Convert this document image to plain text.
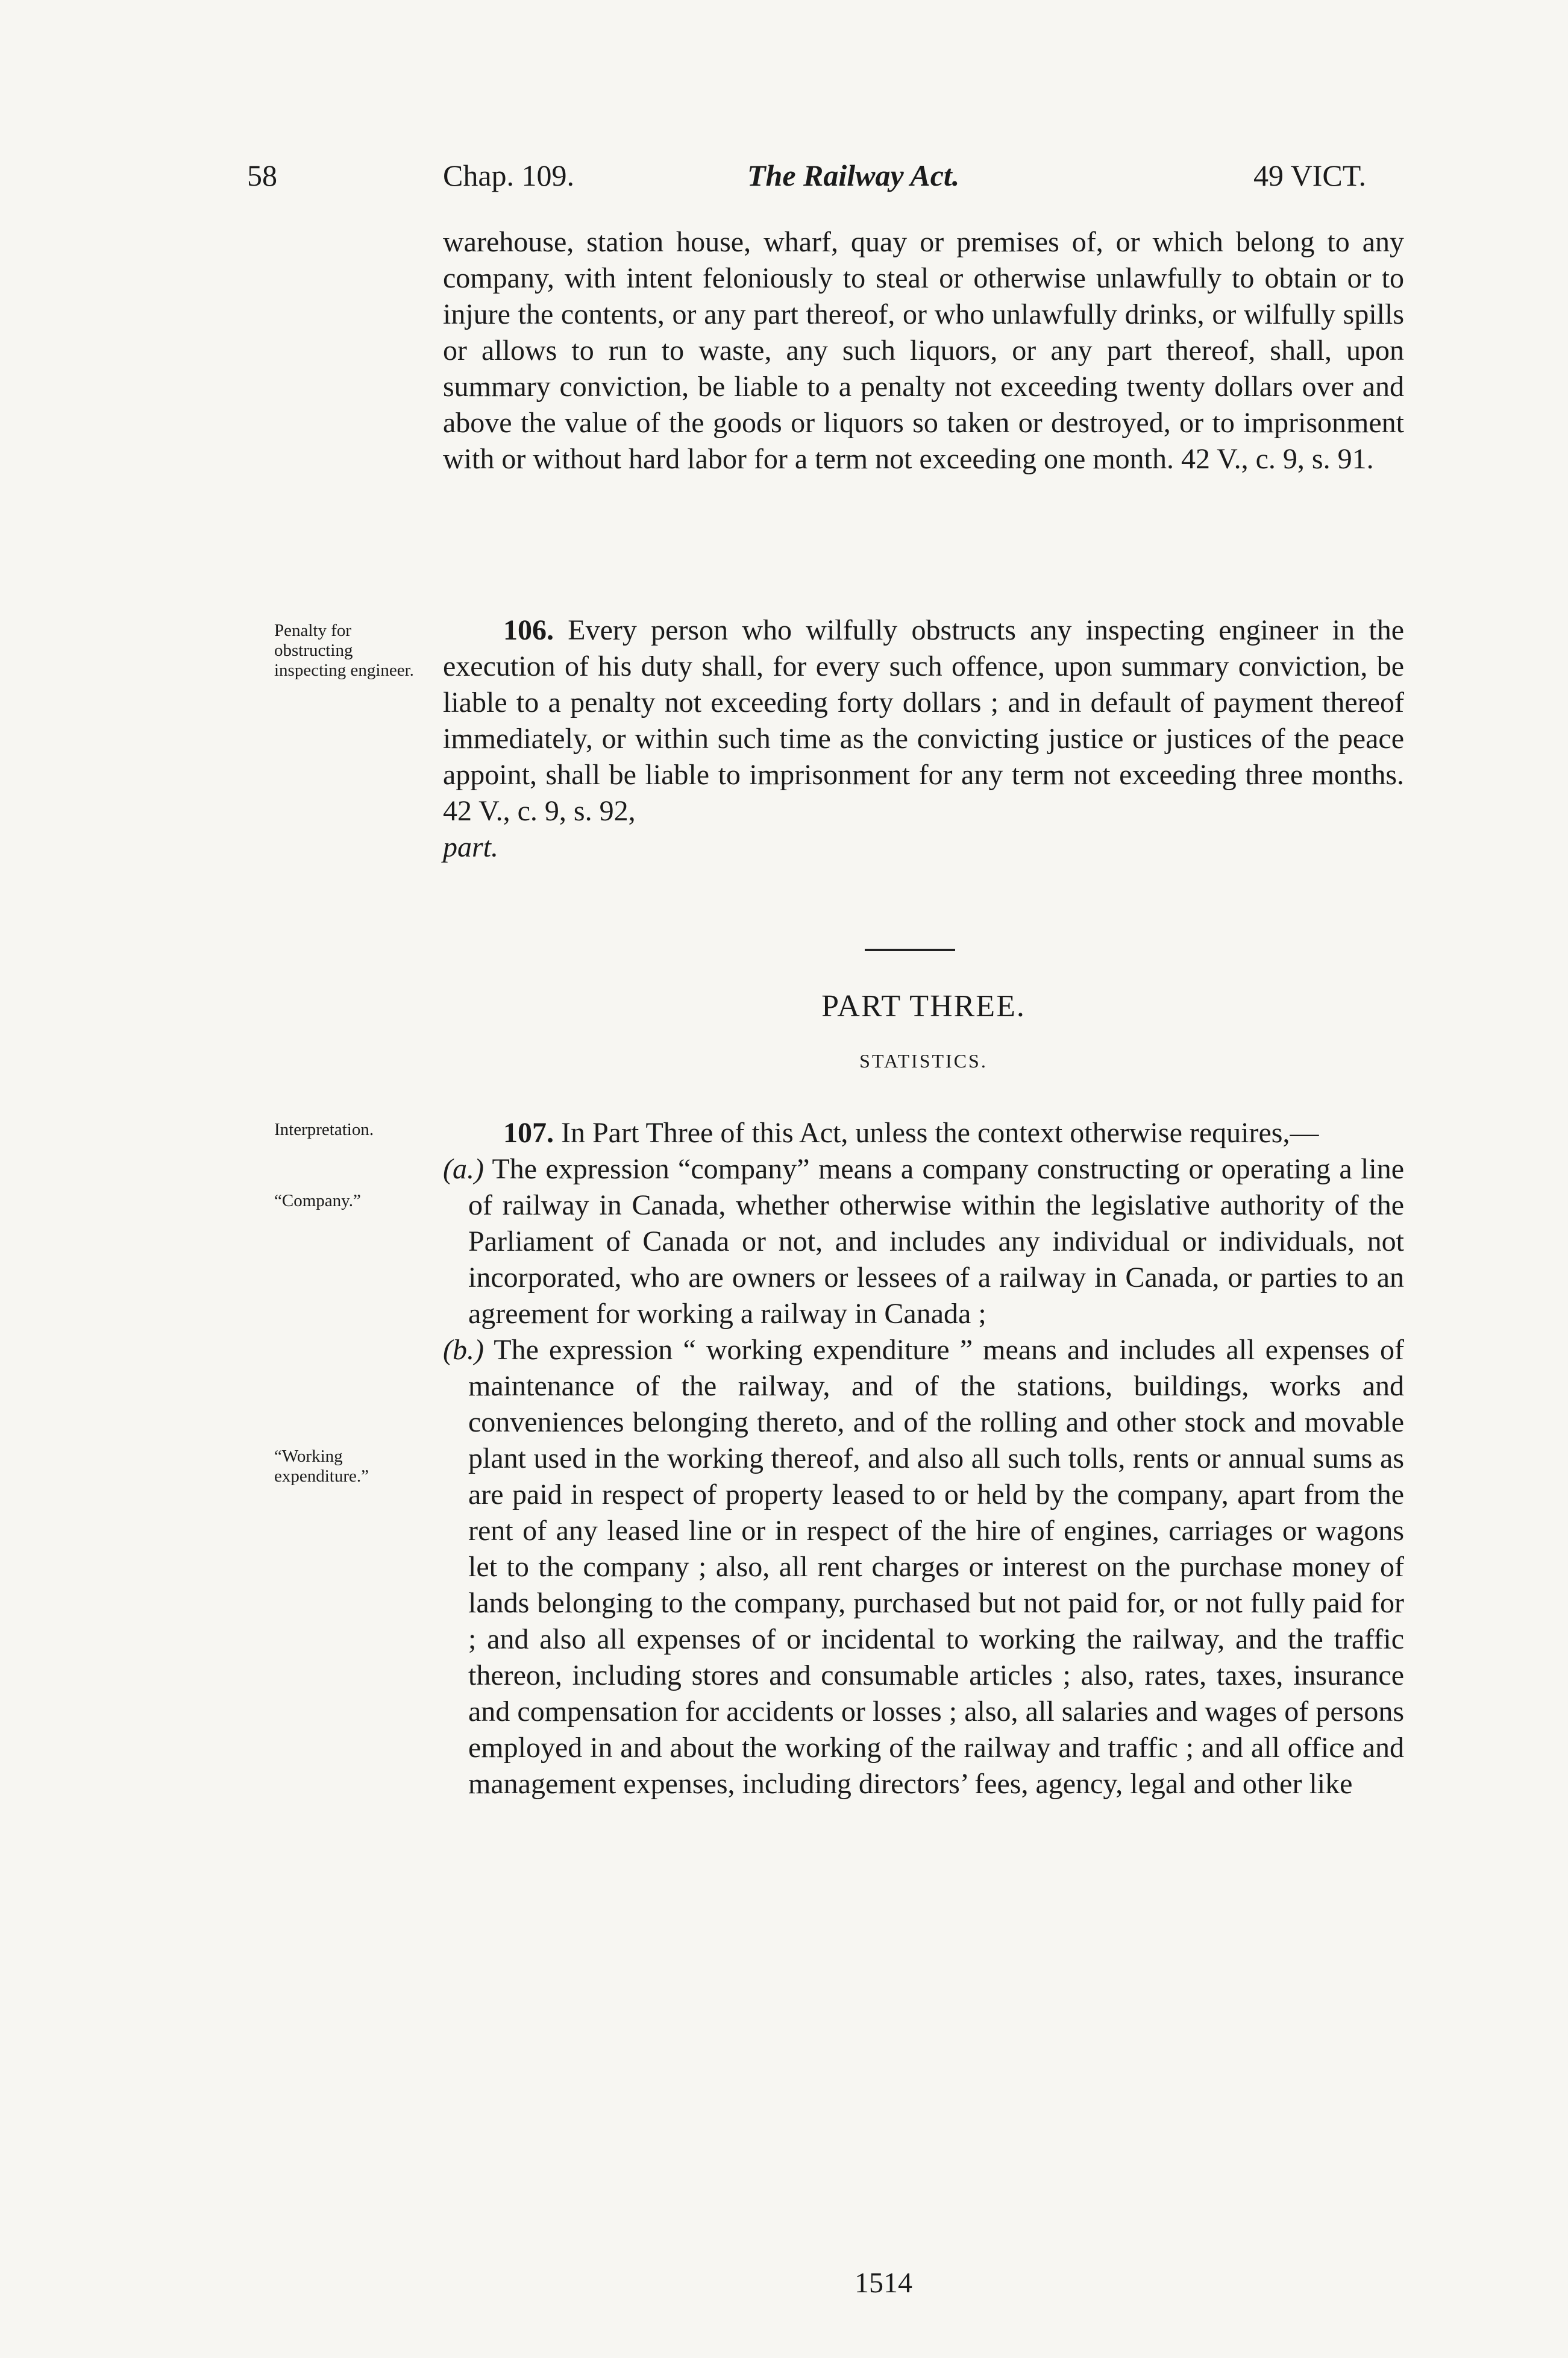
58	Chap. 109.	The Railway Act.	49 VICT.

warehouse, station house, wharf, quay or premises of, or which belong to any company, with intent feloniously to steal or otherwise unlawfully to obtain or to injure the contents, or any part thereof, or who unlawfully drinks, or wilfully spills or allows to run to waste, any such liquors, or any part thereof, shall, upon summary conviction, be liable to a penalty not exceeding twenty dollars over and above the value of the goods or liquors so taken or destroyed, or to imprisonment with or without hard labor for a term not exceeding one month. 42 V., c. 9, s. 91.

Penalty for obstructing inspecting engineer.

106. Every person who wilfully obstructs any inspecting engineer in the execution of his duty shall, for every such offence, upon summary conviction, be liable to a penalty not exceeding forty dollars ; and in default of payment thereof immediately, or within such time as the convicting justice or justices of the peace appoint, shall be liable to imprisonment for any term not exceeding three months. 42 V., c. 9, s. 92,
part.

PART THREE.
STATISTICS.
Interpretation.
“Company.”
“Working expenditure.”

107. In Part Three of this Act, unless the context otherwise requires,—

(a.) The expression “company” means a company constructing or operating a line of railway in Canada, whether otherwise within the legislative authority of the Parliament of Canada or not, and includes any individual or individuals, not incorporated, who are owners or lessees of a railway in Canada, or parties to an agreement for working a railway in Canada ;

(b.) The expression “ working expenditure ” means and includes all expenses of maintenance of the railway, and of the stations, buildings, works and conveniences belonging thereto, and of the rolling and other stock and movable plant used in the working thereof, and also all such tolls, rents or annual sums as are paid in respect of property leased to or held by the company, apart from the rent of any leased line or in respect of the hire of engines, carriages or wagons let to the company ; also, all rent charges or interest on the purchase money of lands belonging to the company, purchased but not paid for, or not fully paid for ; and also all expenses of or incidental to working the railway, and the traffic thereon, including stores and consumable articles ; also, rates, taxes, insurance and compensation for accidents or losses ; also, all salaries and wages of persons employed in and about the working of the railway and traffic ; and all office and management expenses, including directors’ fees, agency, legal and other like

1514
